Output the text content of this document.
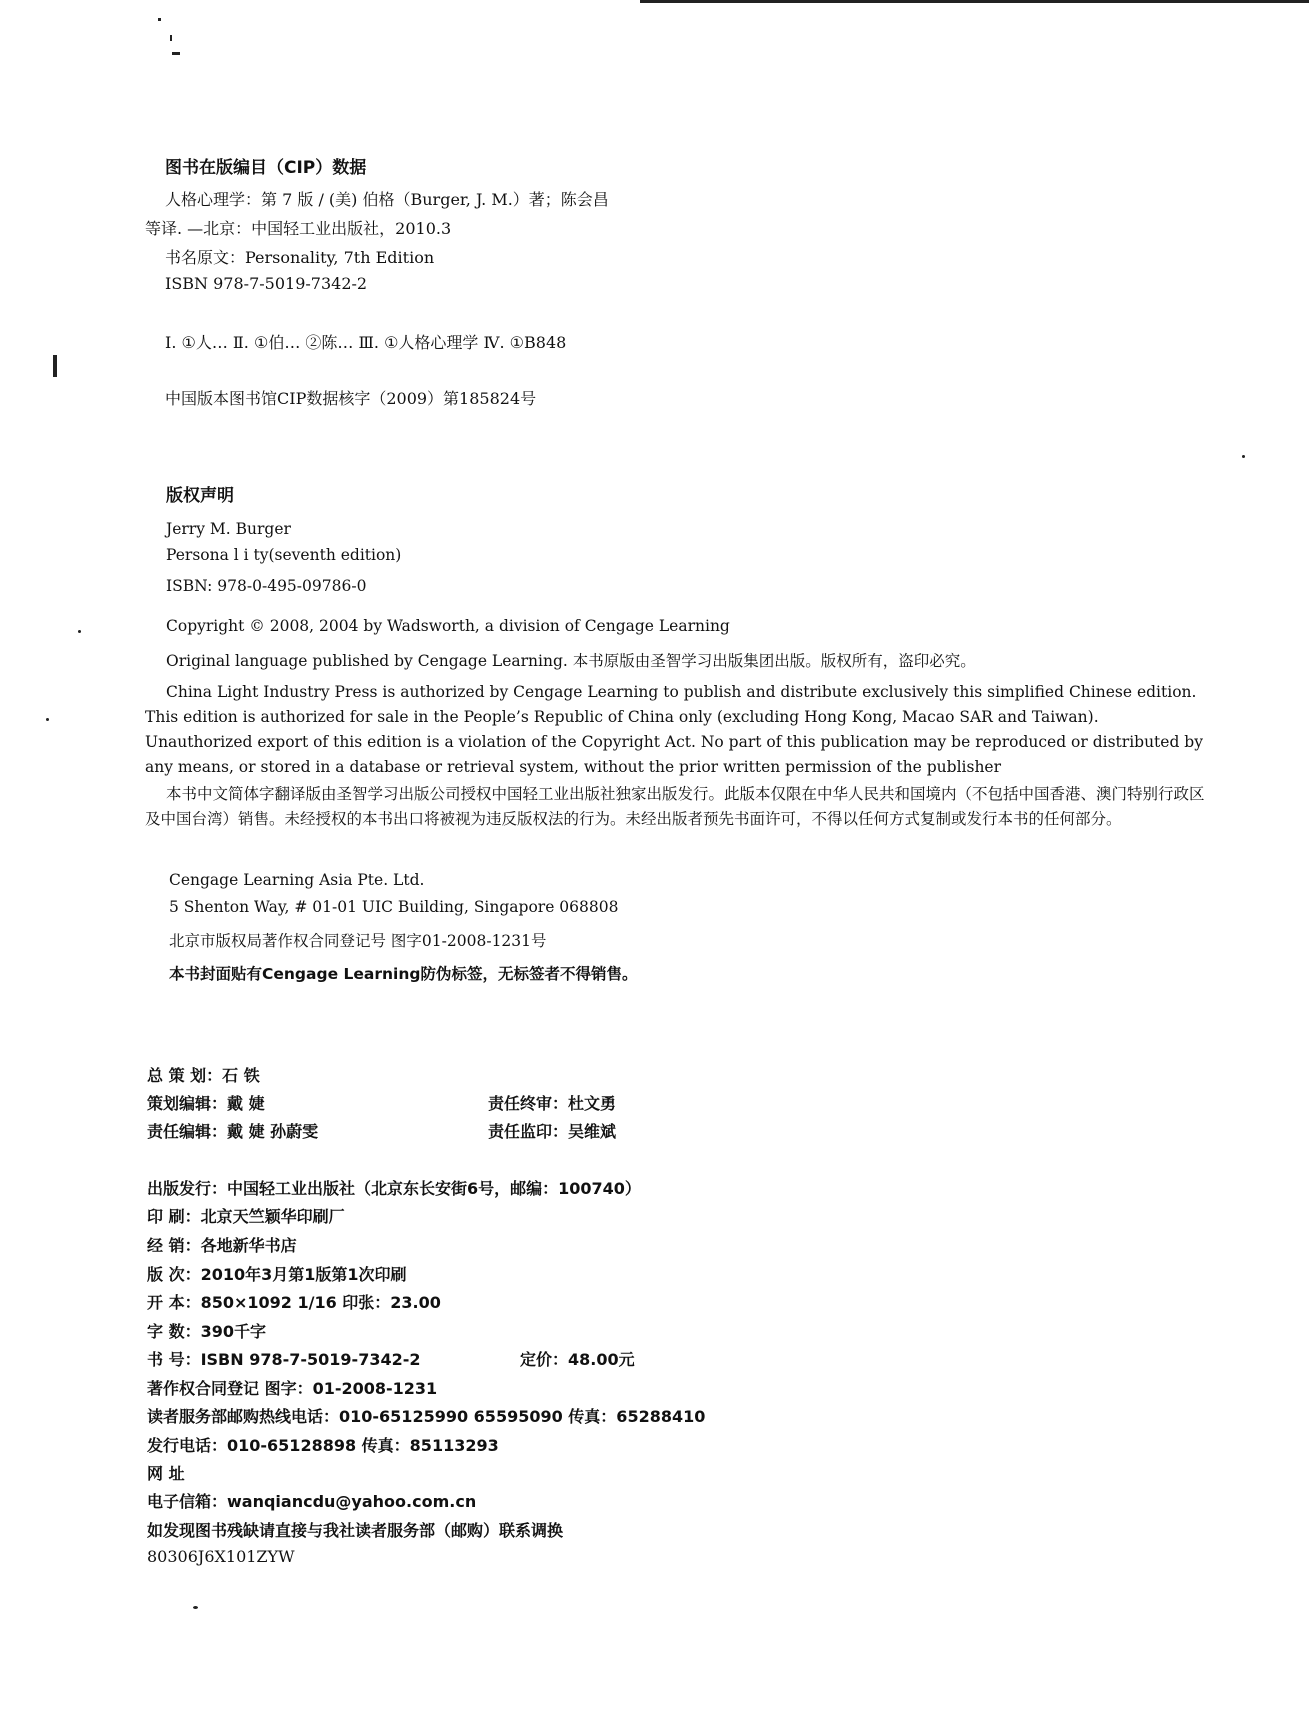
图书在版编目（CIP）数据
人格心理学：第 7 版 / (美) 伯格（Burger, J. M.）著；陈会昌
等译. —北京：中国轻工业出版社，2010.3
书名原文：Personality, 7th Edition
ISBN 978-7-5019-7342-2
Ⅰ. ①人… Ⅱ. ①伯… ②陈… Ⅲ. ①人格心理学 Ⅳ. ①B848
中国版本图书馆CIP数据核字（2009）第185824号
版权声明
Jerry M. Burger
Persona l i ty(seventh edition)
ISBN: 978-0-495-09786-0
Copyright © 2008, 2004 by Wadsworth, a division of Cengage Learning
Original language published by Cengage Learning. 本书原版由圣智学习出版集团出版。版权所有，盗印必究。
China Light Industry Press is authorized by Cengage Learning to publish and distribute exclusively this simplified Chinese edition. This edition is authorized for sale in the People’s Republic of China only (excluding Hong Kong, Macao SAR and Taiwan). Unauthorized export of this edition is a violation of the Copyright Act. No part of this publication may be reproduced or distributed by any means, or stored in a database or retrieval system, without the prior written permission of the publisher
本书中文简体字翻译版由圣智学习出版公司授权中国轻工业出版社独家出版发行。此版本仅限在中华人民共和国境内（不包括中国香港、澳门特别行政区及中国台湾）销售。未经授权的本书出口将被视为违反版权法的行为。未经出版者预先书面许可，不得以任何方式复制或发行本书的任何部分。
Cengage Learning Asia Pte. Ltd.
5 Shenton Way, # 01-01 UIC Building, Singapore 068808
北京市版权局著作权合同登记号 图字01-2008-1231号
本书封面贴有Cengage Learning防伪标签，无标签者不得销售。
总 策 划：石 铁
策划编辑：戴 婕	责任终审：杜文勇
责任编辑：戴 婕 孙蔚雯	责任监印：吴维斌
出版发行：中国轻工业出版社（北京东长安街6号，邮编：100740）
印 刷：北京天竺颖华印刷厂
经 销：各地新华书店
版 次：2010年3月第1版第1次印刷
开 本：850×1092 1/16 印张：23.00
字 数：390千字
书 号：ISBN 978-7-5019-7342-2	定价：48.00元
著作权合同登记 图字：01-2008-1231
读者服务部邮购热线电话：010-65125990 65595090 传真：65288410
发行电话：010-65128898 传真：85113293
网 址
电子信箱：wanqiancdu@yahoo.com.cn
如发现图书残缺请直接与我社读者服务部（邮购）联系调换
80306J6X101ZYW
